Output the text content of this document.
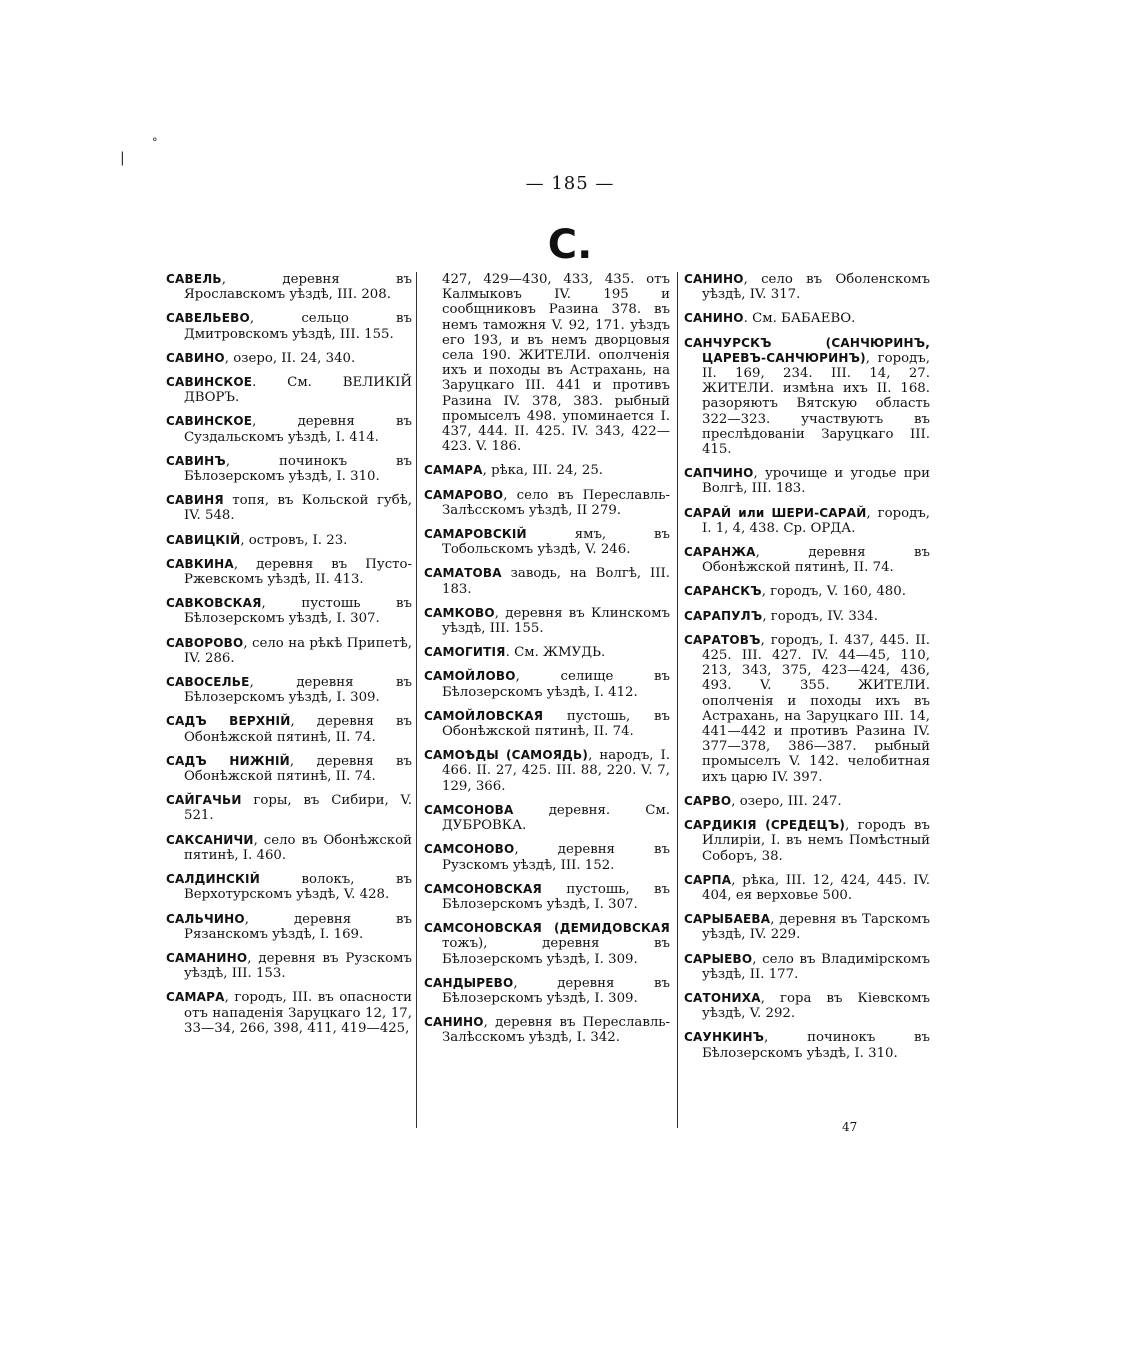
— 185 —
C.
|
°
САВЕЛЬ, деревня въ Ярославскомъ уѣздѣ, III. 208.
САВЕЛЬЕВО, сельцо въ Дмитровскомъ уѣздѣ, III. 155.
САВИНО, озеро, II. 24, 340.
САВИНСКОЕ. См. ВЕЛИКІЙ ДВОРЪ.
САВИНСКОЕ, деревня въ Суздальскомъ уѣздѣ, I. 414.
САВИНЪ, починокъ въ Бѣлозерскомъ уѣздѣ, I. 310.
САВИНЯ топя, въ Кольской губѣ, IV. 548.
САВИЦКІЙ, островъ, I. 23.
САВКИНА, деревня въ Пусто-Ржевскомъ уѣздѣ, II. 413.
САВКОВСКАЯ, пустошь въ Бѣлозерскомъ уѣздѣ, I. 307.
САВОРОВО, село на рѣкѣ Припетѣ, IV. 286.
САВОСЕЛЬЕ, деревня въ Бѣлозерскомъ уѣздѣ, I. 309.
САДЪ ВЕРХНІЙ, деревня въ Обонѣжской пятинѣ, II. 74.
САДЪ НИЖНІЙ, деревня въ Обонѣжской пятинѣ, II. 74.
САЙГАЧЬИ горы, въ Сибири, V. 521.
САКСАНИЧИ, село въ Обонѣжской пятинѣ, I. 460.
САЛДИНСКІЙ волокъ, въ Верхотурскомъ уѣздѣ, V. 428.
САЛЬЧИНО, деревня въ Рязанскомъ уѣздѣ, I. 169.
САМАНИНО, деревня въ Рузскомъ уѣздѣ, III. 153.
САМАРА, городъ, III. въ опасности отъ нападенія Заруцкаго 12, 17, 33—34, 266, 398, 411, 419—425,
427, 429—430, 433, 435. отъ Калмыковъ IV. 195 и сообщниковъ Разина 378. въ немъ таможня V. 92, 171. уѣздъ его 193, и въ немъ дворцовыя села 190. ЖИТЕЛИ. ополченія ихъ и походы въ Астрахань, на Заруцкаго III. 441 и противъ Разина IV. 378, 383. рыбный промыселъ 498. упоминается I. 437, 444. II. 425. IV. 343, 422—423. V. 186.
САМАРА, рѣка, III. 24, 25.
САМАРОВО, село въ Переславль-Залѣсскомъ уѣздѣ, II 279.
САМАРОВСКІЙ ямъ, въ Тобольскомъ уѣздѣ, V. 246.
САМАТОВА заводь, на Волгѣ, III. 183.
САМКОВО, деревня въ Клинскомъ уѣздѣ, III. 155.
САМОГИТІЯ. См. ЖМУДЬ.
САМОЙЛОВО, селище въ Бѣлозерскомъ уѣздѣ, I. 412.
САМОЙЛОВСКАЯ пустошь, въ Обонѣжской пятинѣ, II. 74.
САМОѢДЫ (САМОЯДЬ), народъ, I. 466. II. 27, 425. III. 88, 220. V. 7, 129, 366.
САМСОНОВА деревня. См. ДУБРОВКА.
САМСОНОВО, деревня въ Рузскомъ уѣздѣ, III. 152.
САМСОНОВСКАЯ пустошь, въ Бѣлозерскомъ уѣздѣ, I. 307.
САМСОНОВСКАЯ (ДЕМИДОВСКАЯ тожъ), деревня въ Бѣлозерскомъ уѣздѣ, I. 309.
САНДЫРЕВО, деревня въ Бѣлозерскомъ уѣздѣ, I. 309.
САНИНО, деревня въ Переславль-Залѣсскомъ уѣздѣ, I. 342.
САНИНО, село въ Оболенскомъ уѣздѣ, IV. 317.
САНИНО. См. БАБАЕВО.
САНЧУРСКЪ (САНЧЮРИНЪ, ЦАРЕВЪ-САНЧЮРИНЪ), городъ, II. 169, 234. III. 14, 27. ЖИТЕЛИ. измѣна ихъ II. 168. разоряютъ Вятскую область 322—323. участвуютъ въ преслѣдованіи Заруцкаго III. 415.
САПЧИНО, урочище и угодье при Волгѣ, III. 183.
САРАЙ или ШЕРИ-САРАЙ, городъ, I. 1, 4, 438. Ср. ОРДА.
САРАНЖА, деревня въ Обонѣжской пятинѣ, II. 74.
САРАНСКЪ, городъ, V. 160, 480.
САРАПУЛЪ, городъ, IV. 334.
САРАТОВЪ, городъ, I. 437, 445. II. 425. III. 427. IV. 44—45, 110, 213, 343, 375, 423—424, 436, 493. V. 355. ЖИТЕЛИ. ополченія и походы ихъ въ Астрахань, на Заруцкаго III. 14, 441—442 и противъ Разина IV. 377—378, 386—387. рыбный промыселъ V. 142. челобитная ихъ царю IV. 397.
САРВО, озеро, III. 247.
САРДИКІЯ (СРЕДЕЦЪ), городъ въ Иллиріи, I. въ немъ Помѣстный Соборъ, 38.
САРПА, рѣка, III. 12, 424, 445. IV. 404, ея верховье 500.
САРЫБАЕВА, деревня въ Тарскомъ уѣздѣ, IV. 229.
САРЫЕВО, село въ Владимірскомъ уѣздѣ, II. 177.
САТОНИХА, гора въ Кіевскомъ уѣздѣ, V. 292.
САУНКИНЪ, починокъ въ Бѣлозерскомъ уѣздѣ, I. 310.
47
